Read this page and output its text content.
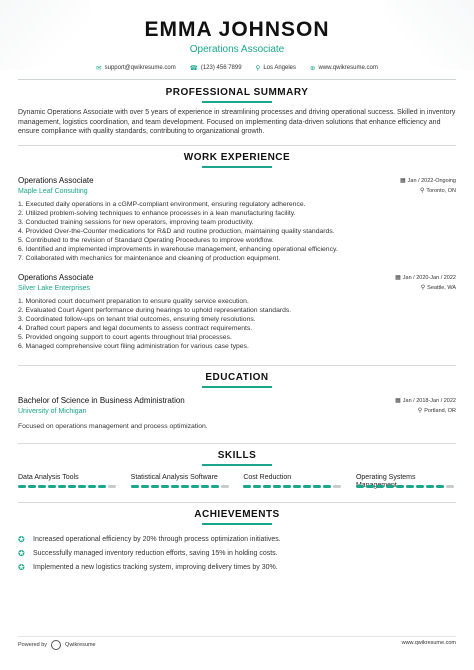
EMMA JOHNSON
Operations Associate
✉ support@qwikresume.com ☎ (123) 456 7899 ⚲ Los Angeles ⊕ www.qwikresume.com
PROFESSIONAL SUMMARY
Dynamic Operations Associate with over 5 years of experience in streamlining processes and driving operational success. Skilled in inventory management, logistics coordination, and team development. Focused on implementing data-driven solutions that enhance efficiency and ensure compliance with quality standards, contributing to organizational growth.
WORK EXPERIENCE
Operations Associate
Maple Leaf Consulting
▦ Jan / 2022-Ongoing
⚲ Toronto, ON
1. Executed daily operations in a cGMP-compliant environment, ensuring regulatory adherence.
2. Utilized problem-solving techniques to enhance processes in a lean manufacturing facility.
3. Conducted training sessions for new operators, improving team productivity.
4. Provided Over-the-Counter medications for R&D and routine production, maintaining quality standards.
5. Contributed to the revision of Standard Operating Procedures to improve workflow.
6. Identified and implemented improvements in warehouse management, enhancing operational efficiency.
7. Collaborated with mechanics for maintenance and cleaning of production equipment.
Operations Associate
Silver Lake Enterprises
▦ Jan / 2020-Jan / 2022
⚲ Seattle, WA
1. Monitored court document preparation to ensure quality service execution.
2. Evaluated Court Agent performance during hearings to uphold representation standards.
3. Coordinated follow-ups on tenant trial outcomes, ensuring timely resolutions.
4. Drafted court papers and legal documents to assess contract requirements.
5. Provided ongoing support to court agents throughout trial processes.
6. Managed comprehensive court filing administration for various case types.
EDUCATION
Bachelor of Science in Business Administration
University of Michigan
▦ Jan / 2018-Jan / 2022
⚲ Portland, OR
Focused on operations management and process optimization.
SKILLS
Data Analysis Tools	Statistical Analysis Software	Cost Reduction	Operating Systems
ACHIEVEMENTS
✪	Increased operational efficiency by 20% through process optimization initiatives.
✪	Successfully managed inventory reduction efforts, saving 15% in holding costs.
✪	Implemented a new logistics tracking system, improving delivery times by 30%.
Powered by	Qwikresume	www.qwikresume.com
